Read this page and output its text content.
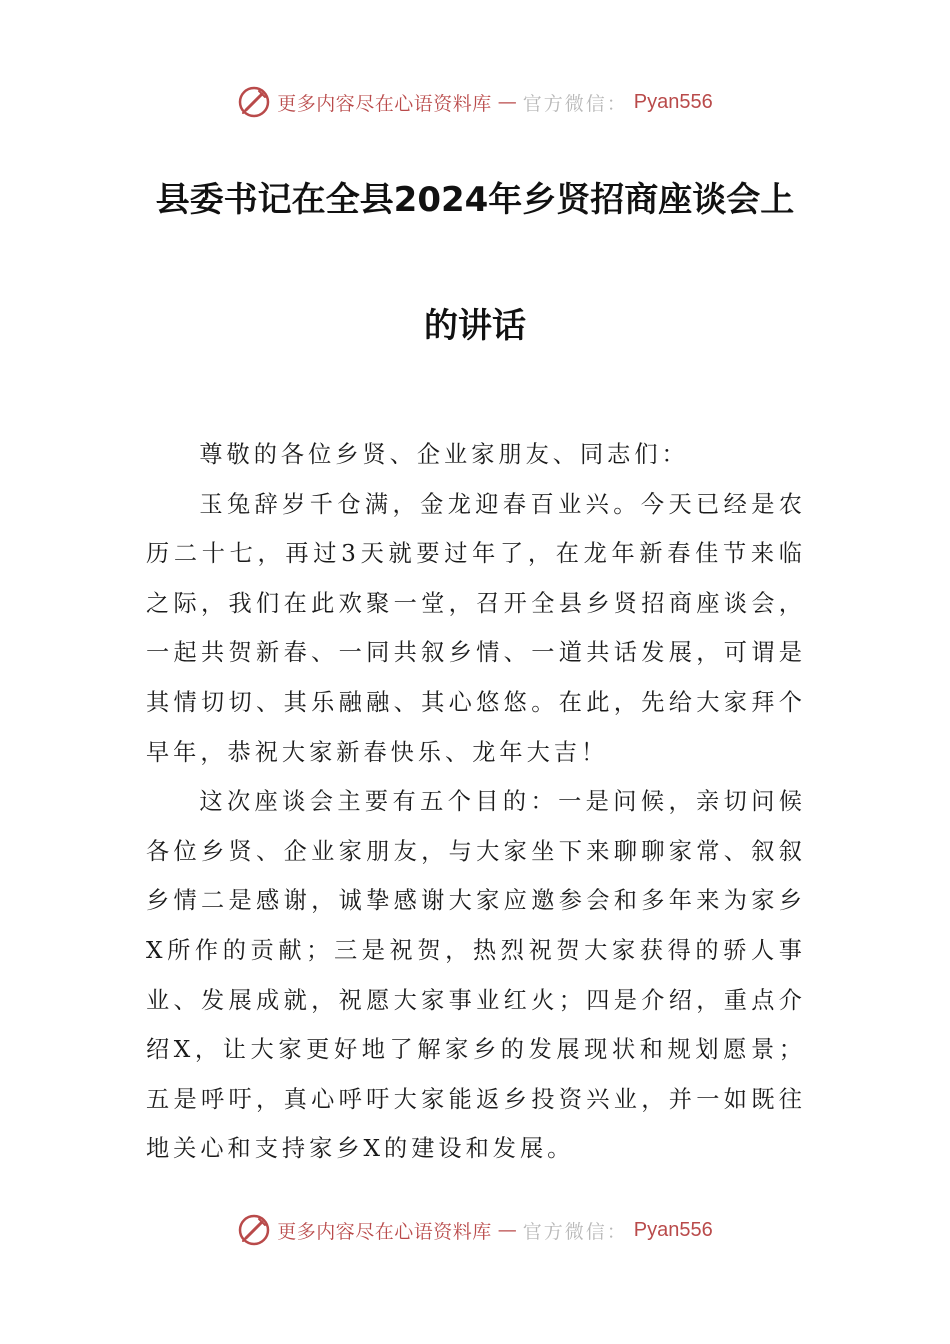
更多内容尽在心语资料库 — 官方微信： Pyan556
县委书记在全县2024年乡贤招商座谈会上
的讲话

尊敬的各位乡贤、企业家朋友、同志们：

玉兔辞岁千仓满，金龙迎春百业兴。今天已经是农历二十七，再过3天就要过年了，在龙年新春佳节来临之际，我们在此欢聚一堂，召开全县乡贤招商座谈会，一起共贺新春、一同共叙乡情、一道共话发展，可谓是其情切切、其乐融融、其心悠悠。在此，先给大家拜个早年，恭祝大家新春快乐、龙年大吉！

这次座谈会主要有五个目的：一是问候，亲切问候各位乡贤、企业家朋友，与大家坐下来聊聊家常、叙叙乡情二是感谢，诚挚感谢大家应邀参会和多年来为家乡X所作的贡献；三是祝贺，热烈祝贺大家获得的骄人事业、发展成就，祝愿大家事业红火；四是介绍，重点介绍X，让大家更好地了解家乡的发展现状和规划愿景；五是呼吁，真心呼吁大家能返乡投资兴业，并一如既往地关心和支持家乡X的建设和发展。

更多内容尽在心语资料库 — 官方微信： Pyan556
